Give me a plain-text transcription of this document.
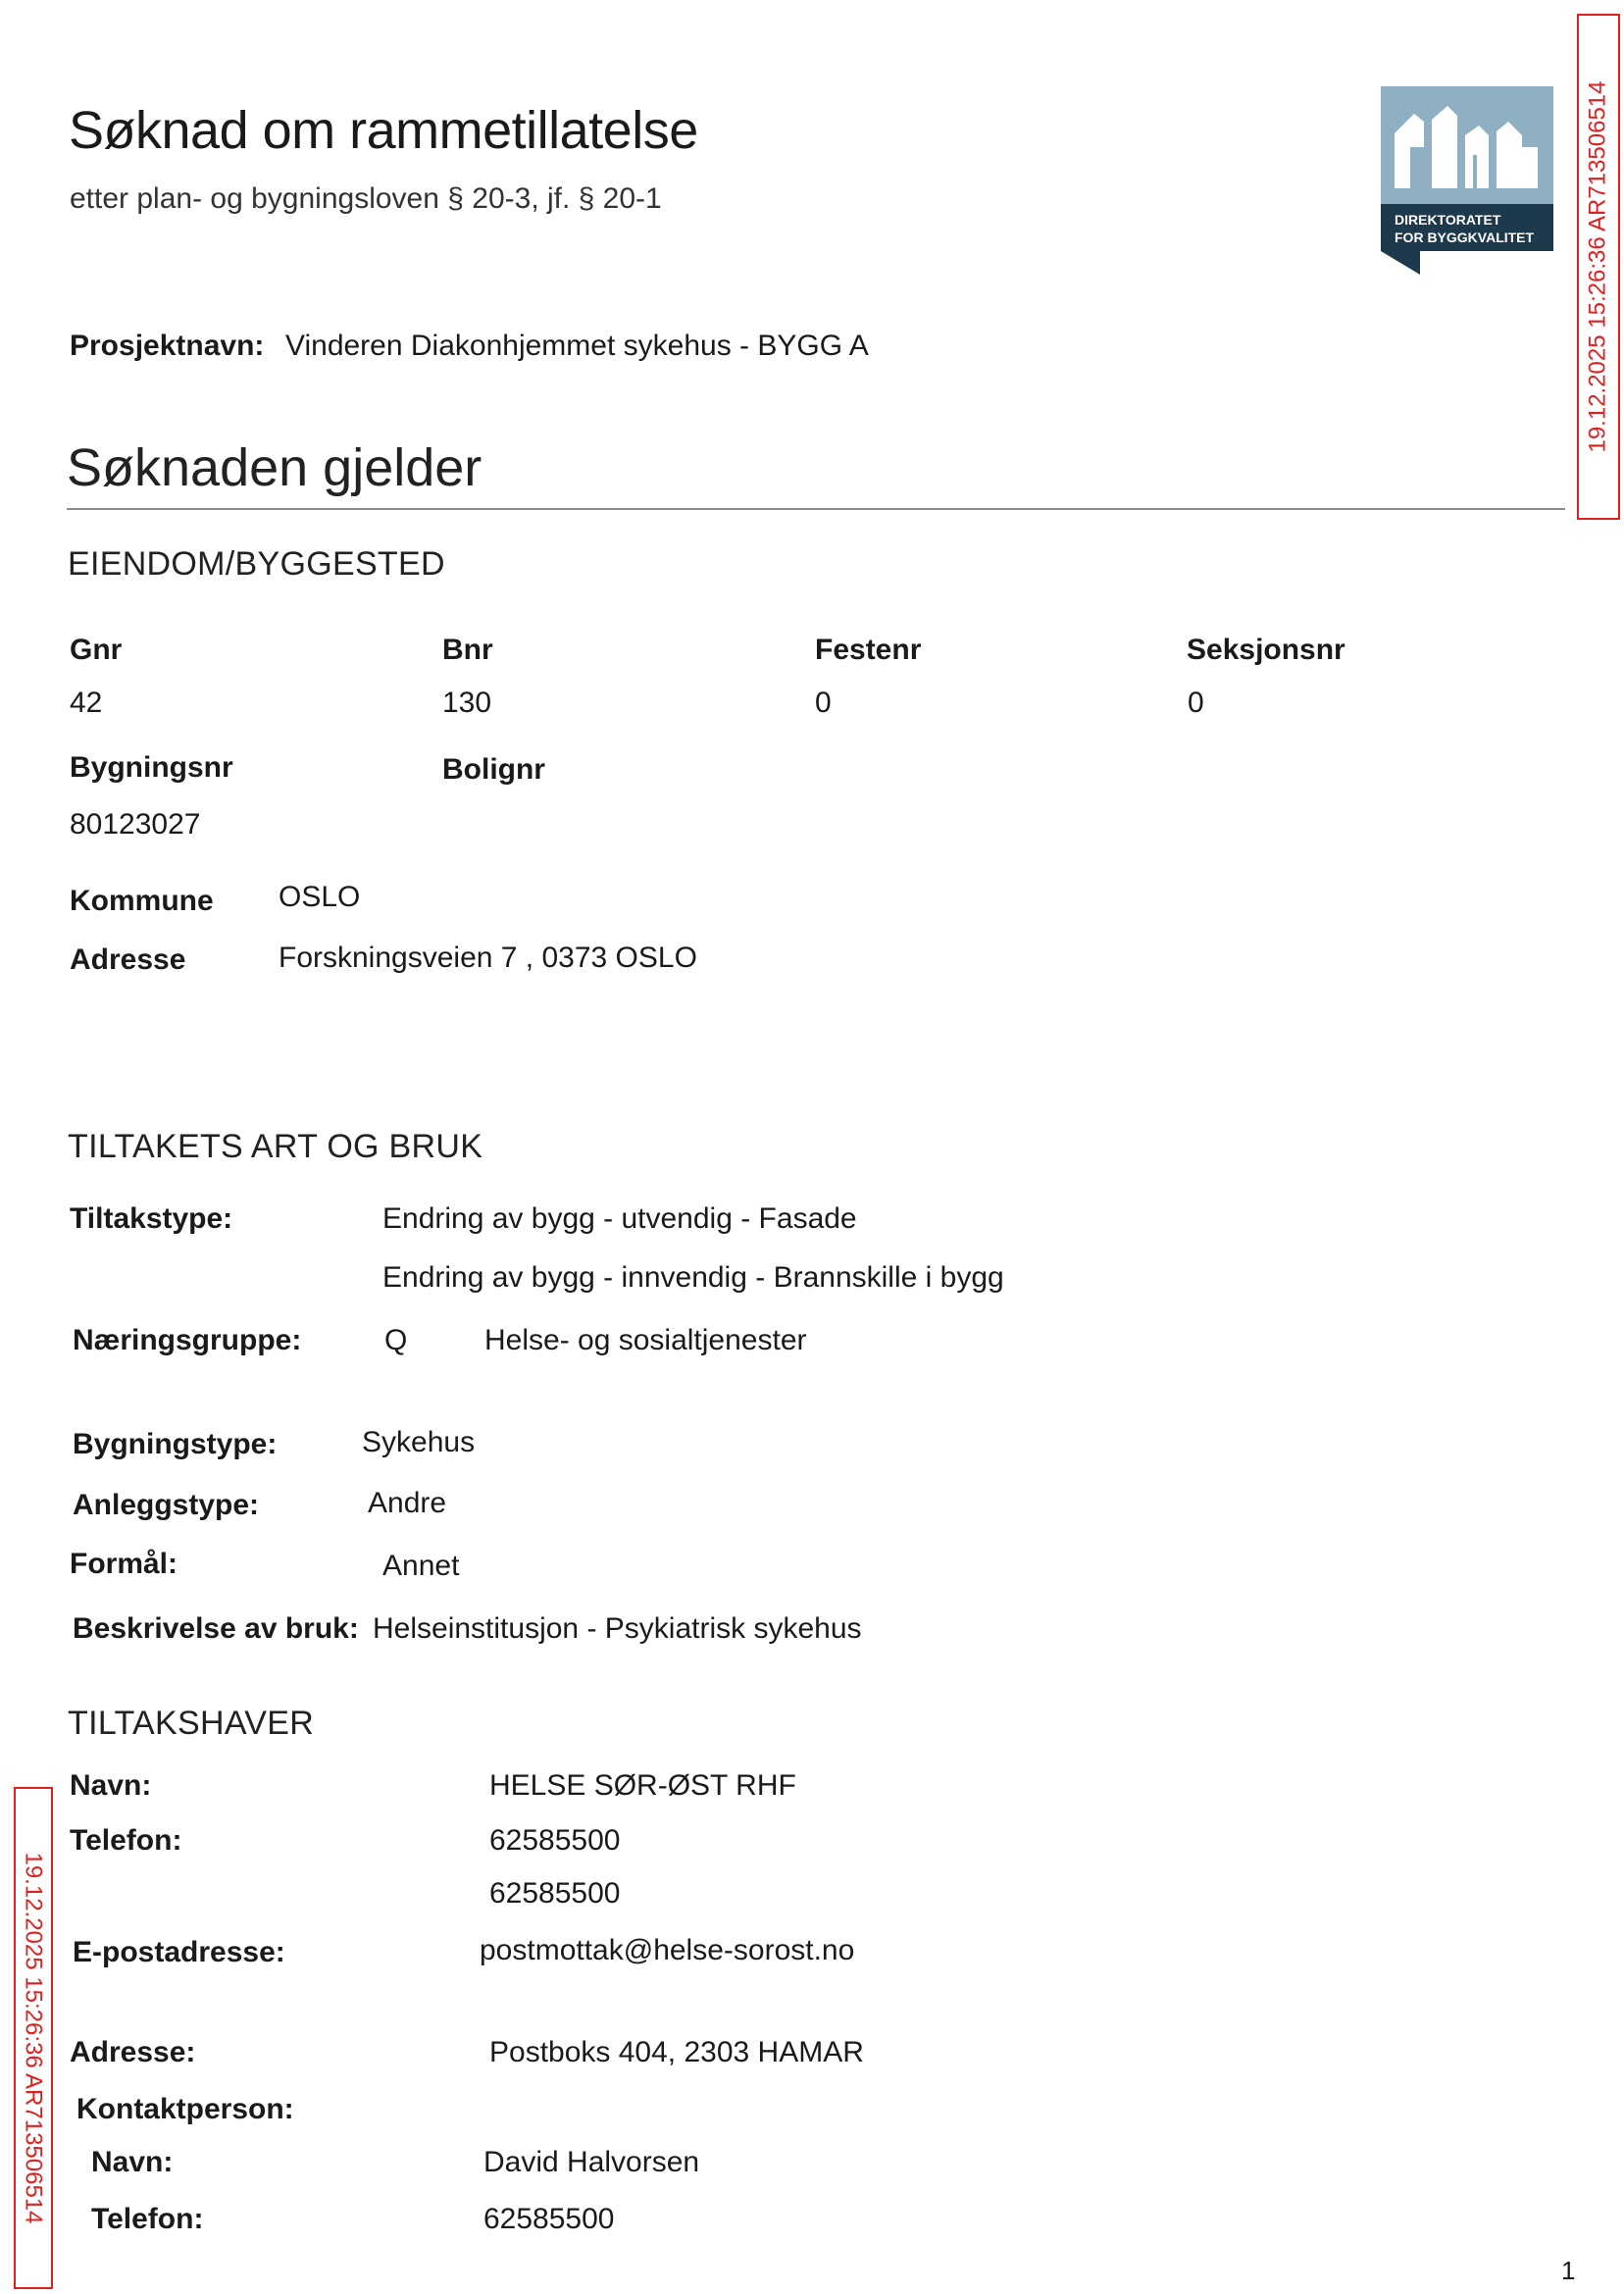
Søknad om rammetillatelse
etter plan- og bygningsloven § 20-3, jf. § 20-1
DIREKTORATET
FOR BYGGKVALITET 19.12.2025 15:26:36 AR713506514
19.12.2025 15:26:36 AR713506514
Prosjektnavn: Vinderen Diakonhjemmet sykehus - BYGG A
Søknaden gjelder
EIENDOM/BYGGESTED
Gnr	Bnr	Festenr	Seksjonsnr
42	130	0	0
Bygningsnr	Bolignr
80123027
Kommune OSLO
Adresse	Forskningsveien 7 , 0373 OSLO
TILTAKETS ART OG BRUK
Tiltakstype:	Endring av bygg - utvendig - Fasade
Endring av bygg - innvendig - Brannskille i bygg
Næringsgruppe:	Q	Helse- og sosialtjenester
Bygningstype:	Sykehus
Anleggstype:	Andre
Formål:	Annet
Beskrivelse av bruk: Helseinstitusjon - Psykiatrisk sykehus
TILTAKSHAVER
Navn:	HELSE SØR-ØST RHF
Telefon:	62585500
62585500
E-postadresse:	postmottak@helse-sorost.no
Adresse:	Postboks 404, 2303 HAMAR
Kontaktperson:
Navn:	David Halvorsen
Telefon:	62585500
1
